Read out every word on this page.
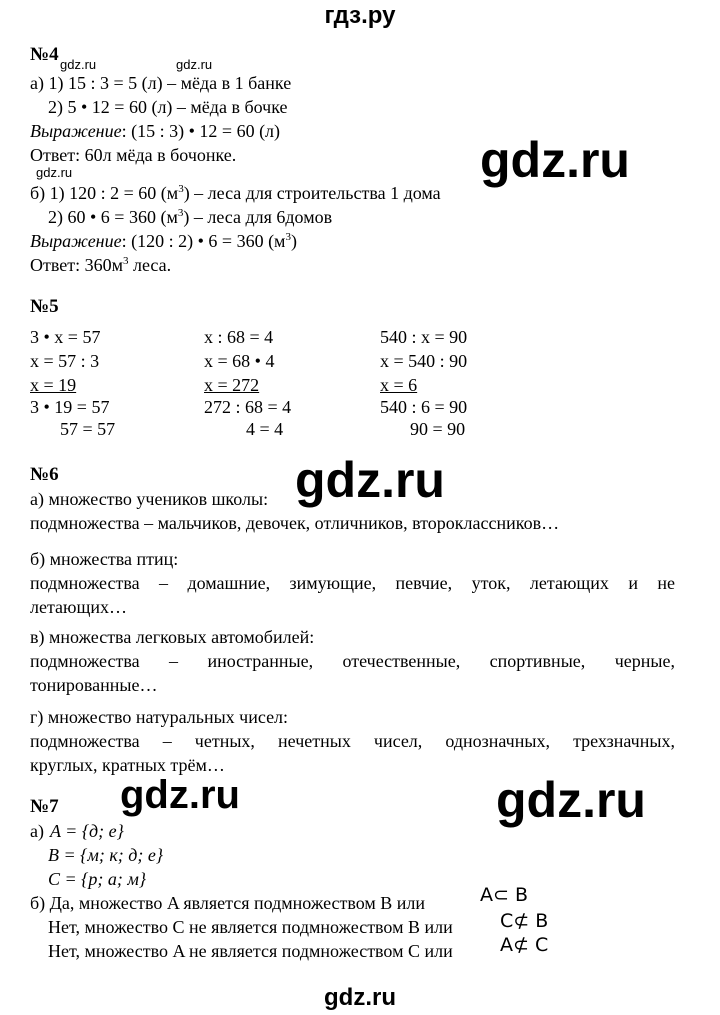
гдз.ру
gdz.ru
gdz.ru
gdz.ru
gdz.ru
gdz.ru	gdz.ru
gdz.ru
gdz.ru
№4
а) 1) 15 : 3 = 5 (л) – мёда в 1 банке
2) 5 • 12 = 60 (л) – мёда в бочке
Выражение: (15 : 3) • 12 = 60 (л)
Ответ: 60л мёда в бочонке.
б) 1) 120 : 2 = 60 $(м^3)$ – леса для строительства 1 дома
2) 60 • 6 = 360 $(м^3)$ – леса для 6домов
Выражение: (120 : 2) • 6 = 360 $(м^3)$
Ответ: $360м^3$ леса.
№5
3 • x = 57
x = 57 : 3
x = 19
3 • 19 = 57
57 = 57
x : 68 = 4
x = 68 • 4
x = 272
272 : 68 = 4
4 = 4
540 : x = 90
x = 540 : 90
x = 6
540 : 6 = 90
90 = 90
№6
а) множество учеников школы:
подмножества – мальчиков, девочек, отличников, второклассников…
б) множества птиц:
подмножества – домашние, зимующие, певчие, уток, летающих и не
летающих…
в) множества легковых автомобилей:
подмножества – иностранные, отечественные, спортивные, черные,
тонированные…
г) множество натуральных чисел:
подмножества – четных, нечетных чисел, однозначных, трехзначных,
круглых, кратных трём…
№7
а) A = {д; е}
B = {м; к; д; е}
C = {р; а; м}
б) Да, множество A является подмножеством B или	A⊂ B
Нет, множество C не является подмножеством B или C⊄ B
Нет, множество A не является подмножеством C или A⊄ C
